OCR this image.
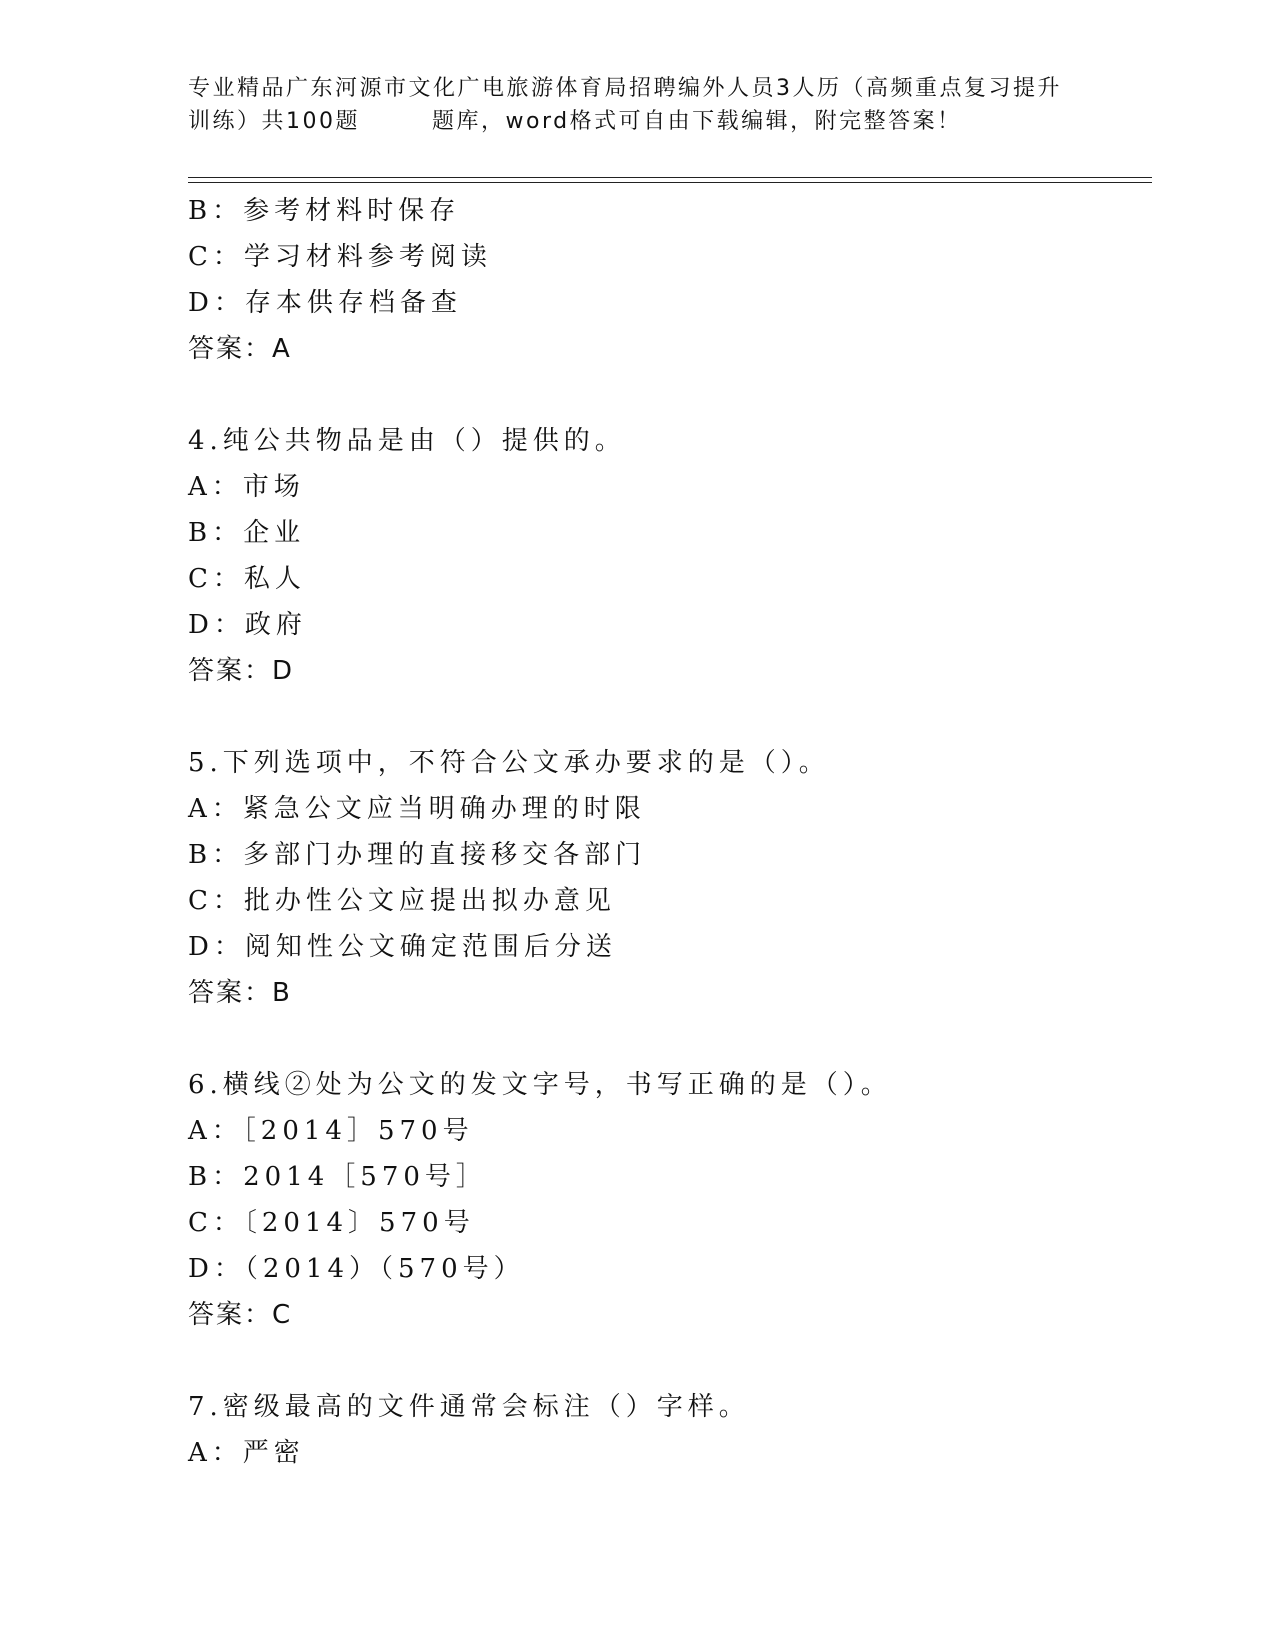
专业精品广东河源市文化广电旅游体育局招聘编外人员3人历（高频重点复习提升
训练）共100题	题库，word格式可自由下载编辑，附完整答案！
B：参考材料时保存
C：学习材料参考阅读
D：存本供存档备查
答案：A
4.纯公共物品是由（）提供的。
A：市场
B：企业
C：私人
D：政府
答案：D
5.下列选项中，不符合公文承办要求的是（）。
A：紧急公文应当明确办理的时限
B：多部门办理的直接移交各部门
C：批办性公文应提出拟办意见
D：阅知性公文确定范围后分送
答案：B
6.横线②处为公文的发文字号，书写正确的是（）。
A：［2014］570号
B：2014［570号］
C：〔2014〕570号
D：（2014）（570号）
答案：C
7.密级最高的文件通常会标注（）字样。
A：严密
